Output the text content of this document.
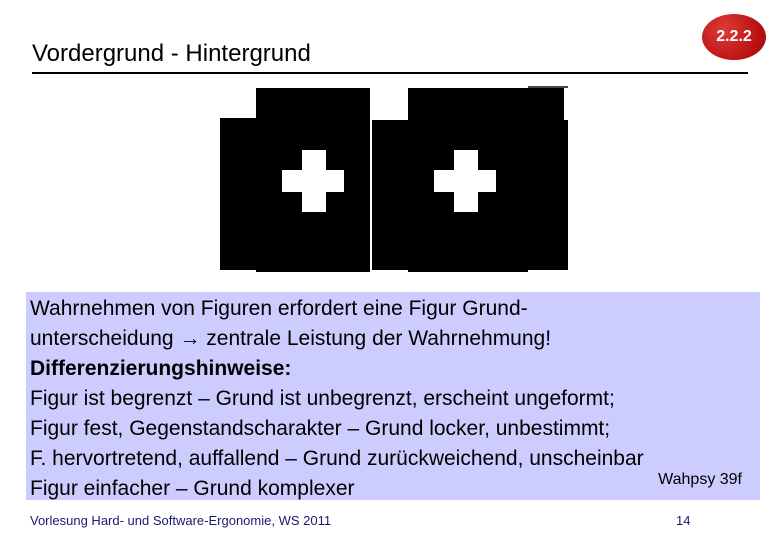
2.2.2
Vordergrund - Hintergrund
Wahrnehmen von Figuren erfordert eine Figur Grund-
unterscheidung → zentrale Leistung der Wahrnehmung!
Differenzierungshinweise:
Figur ist begrenzt – Grund ist unbegrenzt, erscheint ungeformt;
Figur fest, Gegenstandscharakter – Grund locker, unbestimmt;
F. hervortretend, auffallend – Grund zurückweichend, unscheinbar
Figur einfacher – Grund komplexer	Wahpsy 39f
Vorlesung Hard- und Software-Ergonomie, WS 2011	14
